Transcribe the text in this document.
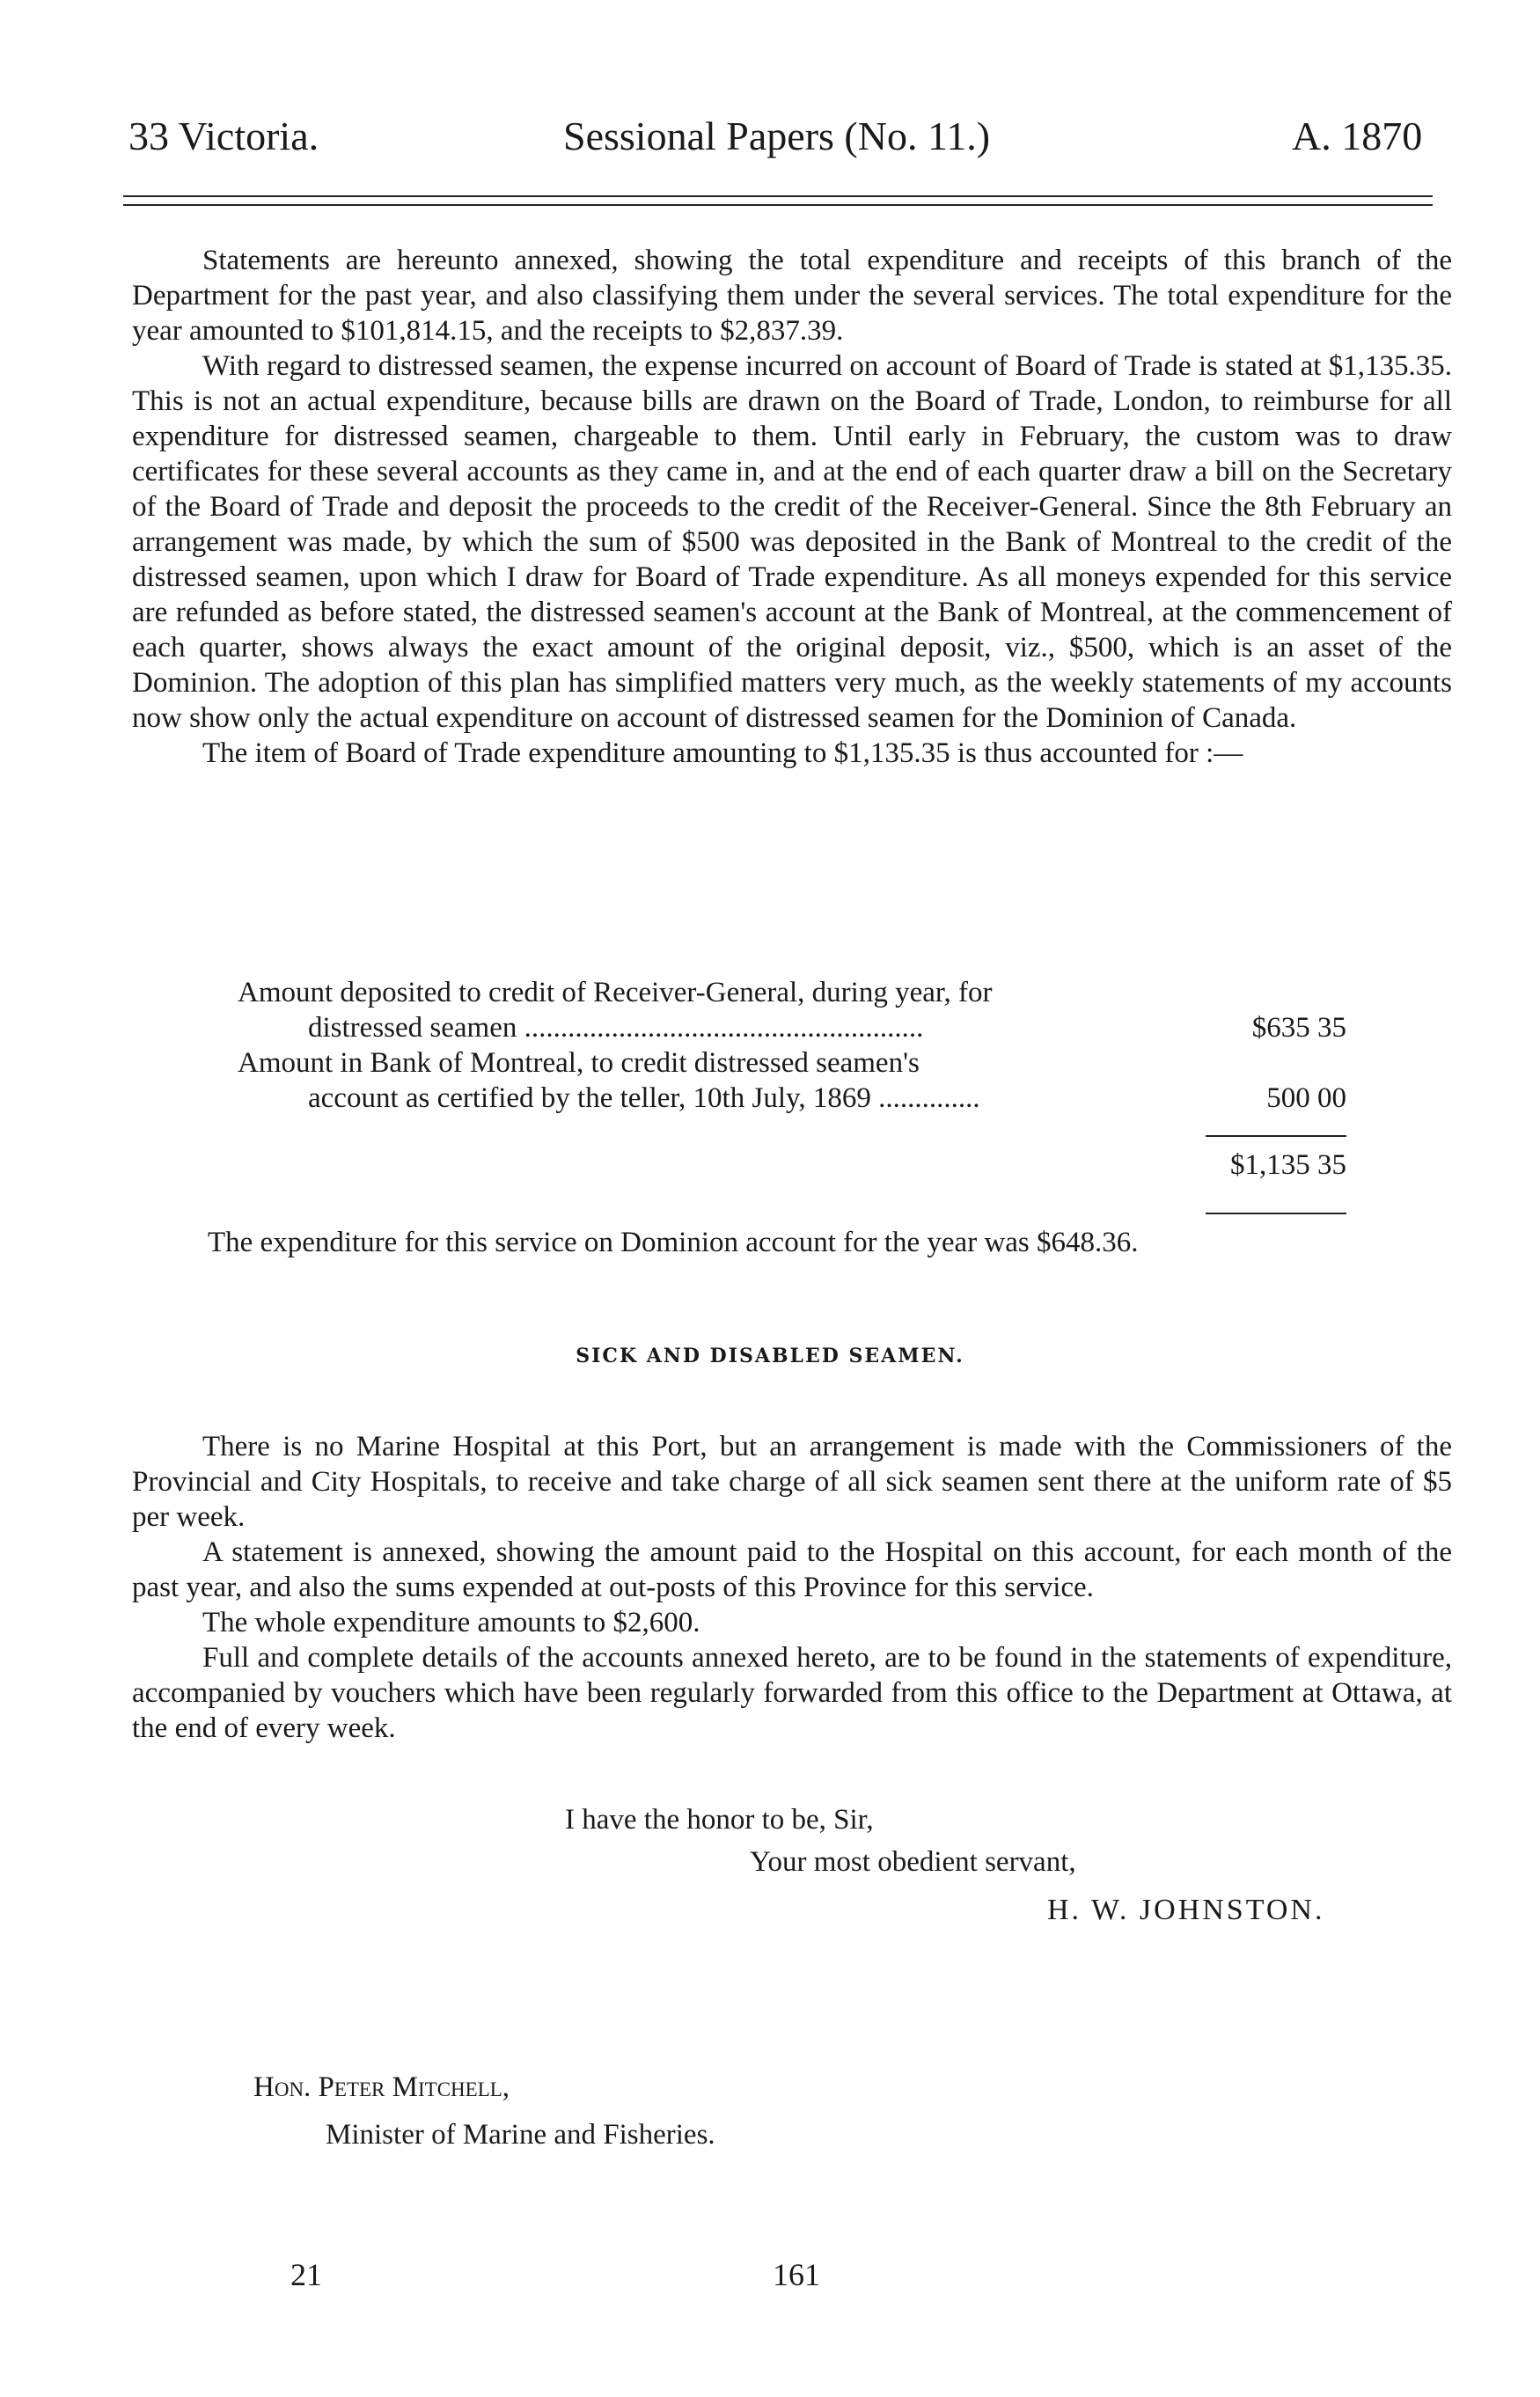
33 Victoria.	Sessional Papers (No. 11.)	A. 1870

Statements are hereunto annexed, showing the total expenditure and receipts of this branch of the Department for the past year, and also classifying them under the several services. The total expenditure for the year amounted to $101,814.15, and the receipts to $2,837.39.

With regard to distressed seamen, the expense incurred on account of Board of Trade is stated at $1,135.35. This is not an actual expenditure, because bills are drawn on the Board of Trade, London, to reimburse for all expenditure for distressed seamen, chargeable to them. Until early in February, the custom was to draw certificates for these several accounts as they came in, and at the end of each quarter draw a bill on the Secretary of the Board of Trade and deposit the proceeds to the credit of the Receiver-General. Since the 8th February an arrangement was made, by which the sum of $500 was deposited in the Bank of Montreal to the credit of the distressed seamen, upon which I draw for Board of Trade expenditure. As all moneys expended for this service are refunded as before stated, the distressed seamen's account at the Bank of Montreal, at the commencement of each quarter, shows always the exact amount of the original deposit, viz., $500, which is an asset of the Dominion. The adoption of this plan has simplified matters very much, as the weekly statements of my accounts now show only the actual expenditure on account of distressed seamen for the Dominion of Canada.

The item of Board of Trade expenditure amounting to $1,135.35 is thus accounted for :—

Amount deposited to credit of Receiver-General, during year, for
distressed seamen .......................................................	$635 35
Amount in Bank of Montreal, to credit distressed seamen's
account as certified by the teller, 10th July, 1869 ..............	500 00
$1,135 35

The expenditure for this service on Dominion account for the year was $648.36.

SICK AND DISABLED SEAMEN.

There is no Marine Hospital at this Port, but an arrangement is made with the Commissioners of the Provincial and City Hospitals, to receive and take charge of all sick seamen sent there at the uniform rate of $5 per week.

A statement is annexed, showing the amount paid to the Hospital on this account, for each month of the past year, and also the sums expended at out-posts of this Province for this service.

The whole expenditure amounts to $2,600.

Full and complete details of the accounts annexed hereto, are to be found in the statements of expenditure, accompanied by vouchers which have been regularly forwarded from this office to the Department at Ottawa, at the end of every week.

I have the honor to be, Sir,
Your most obedient servant,
H. W. JOHNSTON.
Hon. Peter Mitchell,
Minister of Marine and Fisheries.
21	161
